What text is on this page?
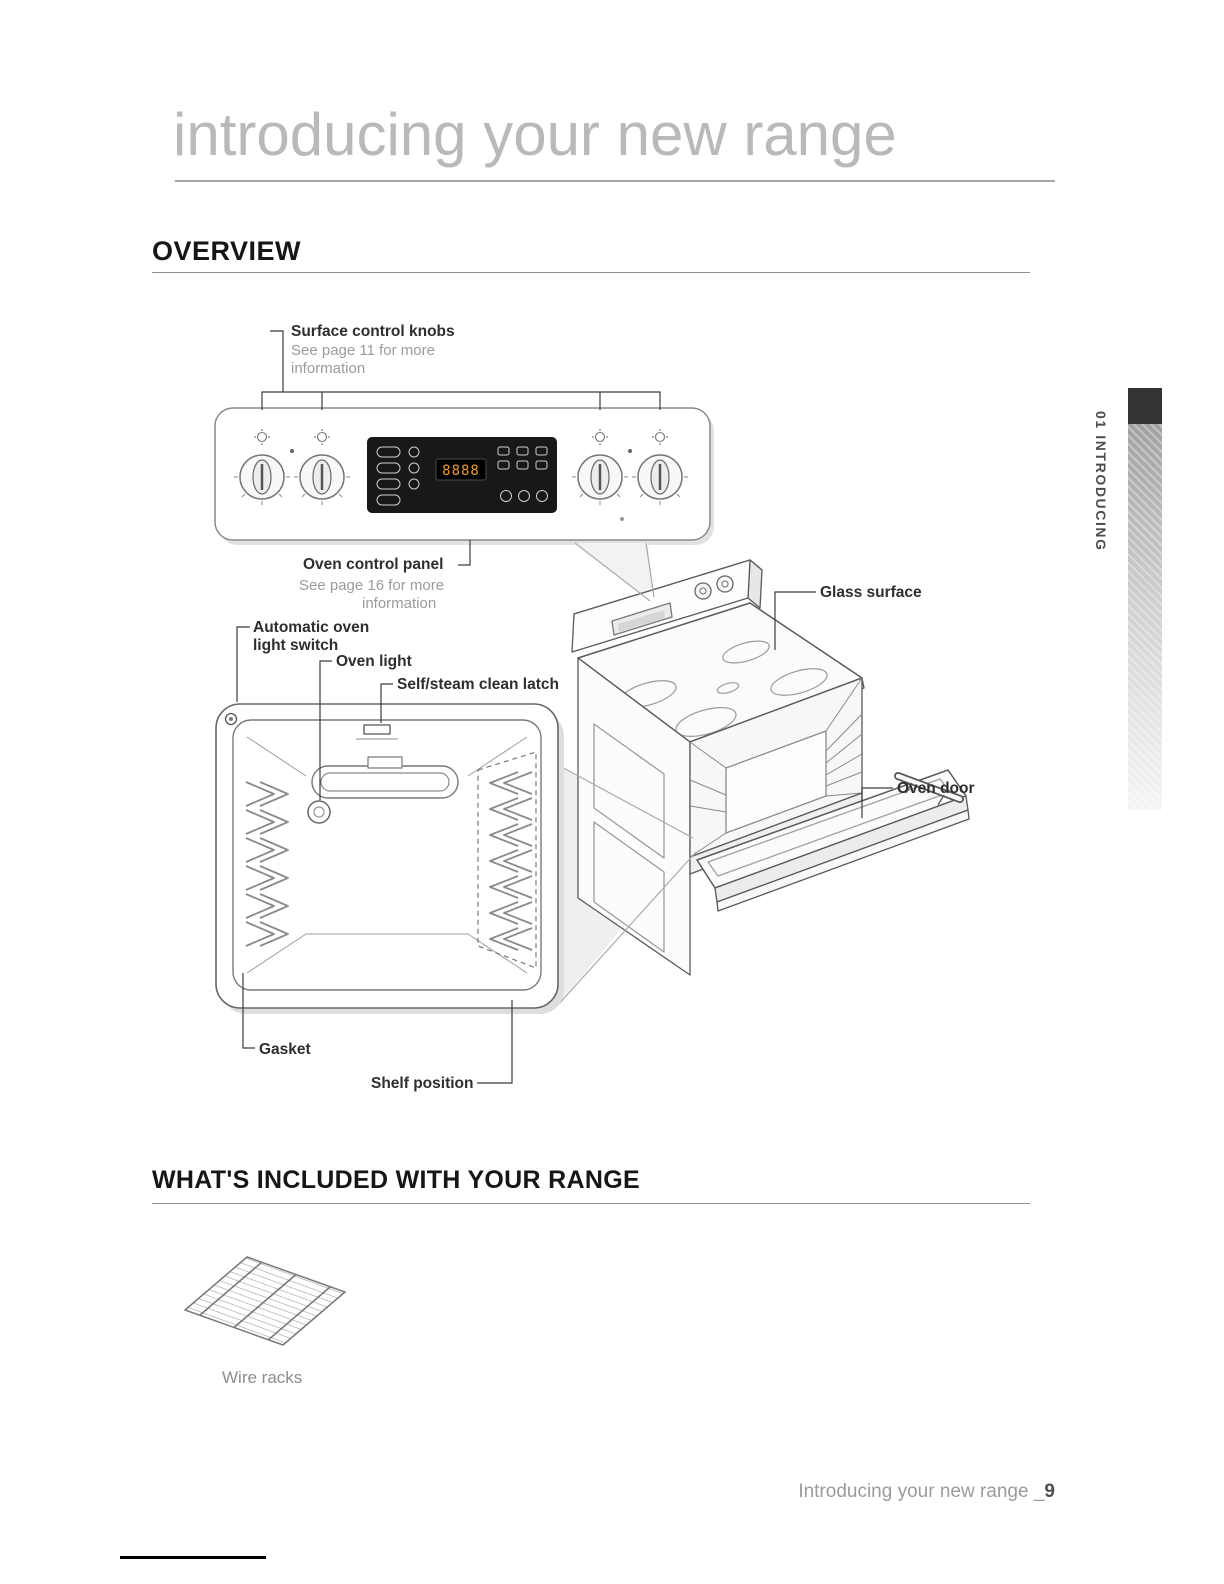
8888
introducing your new range
OVERVIEW
Surface control knobs
See page 11 for more
information
Oven control panel
See page 16 for more
information
Automatic oven
light switch
Oven light
Self/steam clean latch
Glass surface
Oven door
Gasket
Shelf position
01 INTRODUCING
WHAT'S INCLUDED WITH YOUR RANGE
Wire racks
Introducing your new range _9
